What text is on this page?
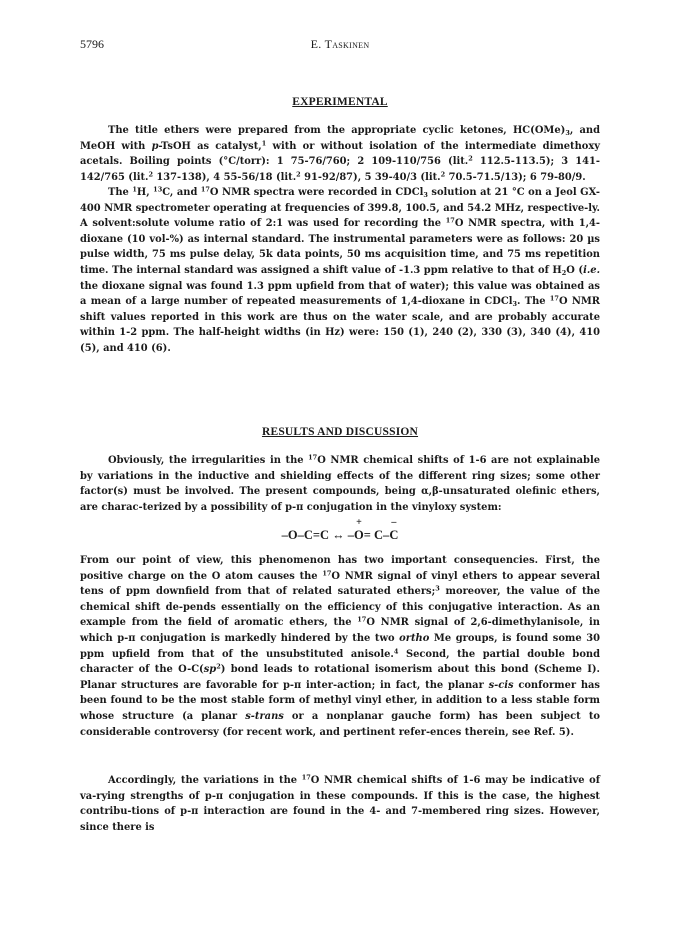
5796	E. Taskinen
EXPERIMENTAL

The title ethers were prepared from the appropriate cyclic ketones, $HC(OMe)_3$, and MeOH with p-TsOH as catalyst,$^1$ with or without isolation of the intermediate dimethoxy acetals. Boiling points (°C/torr): 1 75-76/760; 2 109-110/756 (lit.$^2$ 112.5-113.5); 3 141-142/765 (lit.$^2$ 137-138), 4 55-56/18 (lit.$^2$ 91-92/87), 5 39-40/3 (lit.$^2$ 70.5-71.5/13); 6 79-80/9.

The $^1$H, $^{13}$C, and $^{17}$O NMR spectra were recorded in CDCl$_3$ solution at 21 °C on a Jeol GX-400 NMR spectrometer operating at frequencies of 399.8, 100.5, and 54.2 MHz, respective-ly. A solvent:solute volume ratio of 2:1 was used for recording the $^{17}$O NMR spectra, with 1,4-dioxane (10 vol-%) as internal standard. The instrumental parameters were as follows: 20 µs pulse width, 75 ms pulse delay, 5k data points, 50 ms acquisition time, and 75 ms repetition time. The internal standard was assigned a shift value of -1.3 ppm relative to that of $H_2O$ (i.e. the dioxane signal was found 1.3 ppm upfield from that of water); this value was obtained as a mean of a large number of repeated measurements of 1,4-dioxane in CDCl$_3$. The $^{17}$O NMR shift values reported in this work are thus on the water scale, and are probably accurate within 1-2 ppm. The half-height widths (in Hz) were: 150 (1), 240 (2), 330 (3), 340 (4), 410 (5), and 410 (6).

RESULTS AND DISCUSSION

Obviously, the irregularities in the $^{17}$O NMR chemical shifts of 1-6 are not explainable by variations in the inductive and shielding effects of the different ring sizes; some other factor(s) must be involved. The present compounds, being α,β-unsaturated olefinic ethers, are charac-terized by a possibility of p-π conjugation in the vinyloxy system:

–O–C=C ↔ –O
+
= C–C
–

From our point of view, this phenomenon has two important consequencies. First, the positive charge on the O atom causes the $^{17}$O NMR signal of vinyl ethers to appear several tens of ppm downfield from that of related saturated ethers;$^3$ moreover, the value of the chemical shift de-pends essentially on the efficiency of this conjugative interaction. As an example from the field of aromatic ethers, the $^{17}$O NMR signal of 2,6-dimethylanisole, in which p-π conjugation is markedly hindered by the two ortho Me groups, is found some 30 ppm upfield from that of the unsubstituted anisole.$^4$ Second, the partial double bond character of the $O-C(sp^2)$ bond leads to rotational isomerism about this bond (Scheme I). Planar structures are favorable for p-π inter-action; in fact, the planar s-cis conformer has been found to be the most stable form of methyl vinyl ether, in addition to a less stable form whose structure (a planar s-trans or a nonplanar gauche form) has been subject to considerable controversy (for recent work, and pertinent refer-ences therein, see Ref. 5).

Accordingly, the variations in the $^{17}$O NMR chemical shifts of 1-6 may be indicative of va-rying strengths of p-π conjugation in these compounds. If this is the case, the highest contribu-tions of p-π interaction are found in the 4- and 7-membered ring sizes. However, since there is
